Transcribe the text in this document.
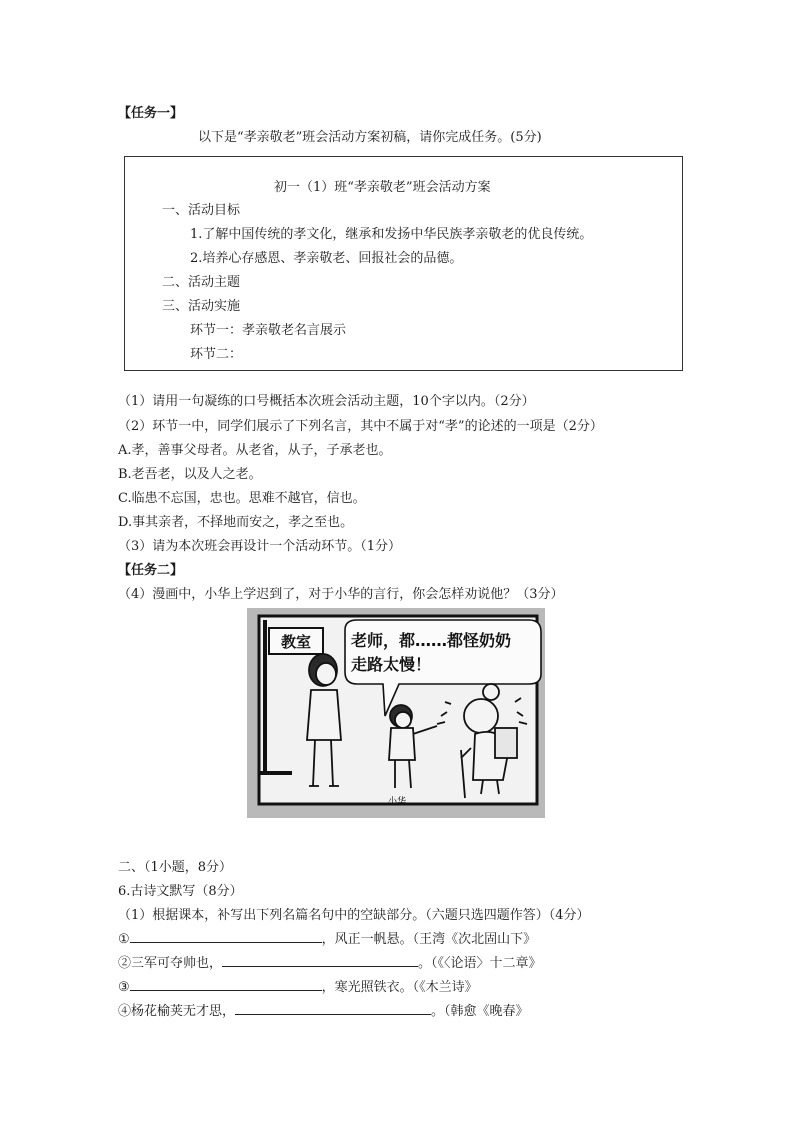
【任务一】
以下是“孝亲敬老”班会活动方案初稿，请你完成任务。(5分)
初一（1）班“孝亲敬老”班会活动方案
一、活动目标
1.了解中国传统的孝文化，继承和发扬中华民族孝亲敬老的优良传统。
2.培养心存感恩、孝亲敬老、回报社会的品德。
二、活动主题
三、活动实施
环节一：孝亲敬老名言展示
环节二：
（1）请用一句凝练的口号概括本次班会活动主题，10个字以内。（2分）
（2）环节一中，同学们展示了下列名言，其中不属于对“孝”的论述的一项是（2分）
A.孝，善事父母者。从老省，从子，子承老也。
B.老吾老，以及人之老。
C.临患不忘国，忠也。思难不越官，信也。
D.事其亲者，不择地而安之，孝之至也。
（3）请为本次班会再设计一个活动环节。（1分）
【任务二】
（4）漫画中，小华上学迟到了，对于小华的言行，你会怎样劝说他？（3分）
教室 老师，都……都怪奶奶
走路太慢！
小华
二、（1小题，8分）
6.古诗文默写（8分）
（1）根据课本，补写出下列名篇名句中的空缺部分。（六题只选四题作答）（4分）
①	，风正一帆悬。（王湾《次北固山下》
②三军可夺帅也，	。（《〈论语〉十二章》
③	，寒光照铁衣。（《木兰诗》
④杨花榆荚无才思，	。（韩愈《晚春》
